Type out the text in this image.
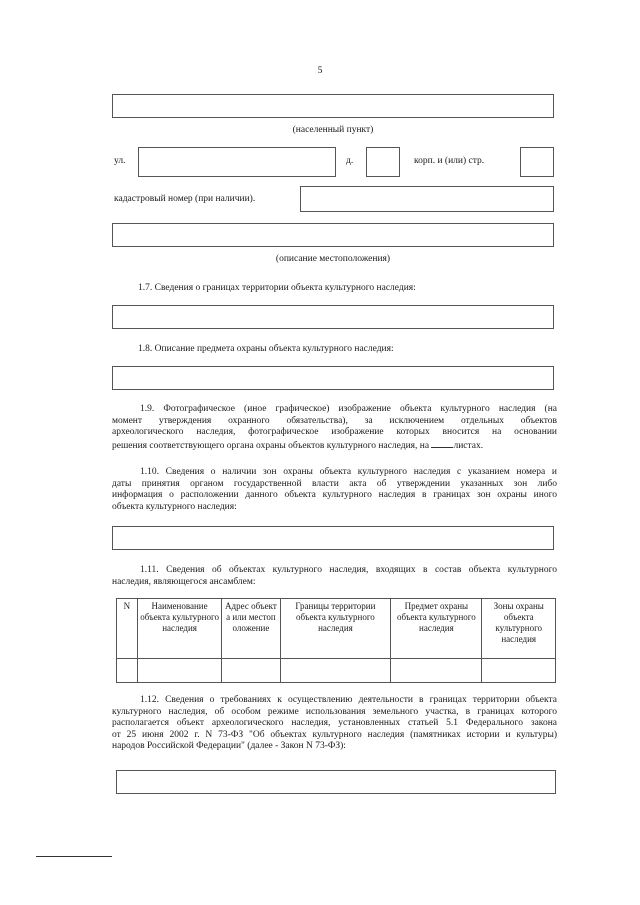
5
(населенный пункт)
ул.	д.	корп. и (или) стр.
кадастровый номер (при наличии).
(описание местоположения)
1.7. Сведения о границах территории объекта культурного наследия:
1.8. Описание предмета охраны объекта культурного наследия:
1.9. Фотографическое (иное графическое) изображение объекта культурного наследия (на
момент утверждения охранного обязательства), за исключением отдельных объектов
археологического наследия, фотографическое изображение которых вносится на основании
решения соответствующего органа охраны объектов культурного наследия, на	листах.
1.10. Сведения о наличии зон охраны объекта культурного наследия с указанием номера и
даты принятия органом государственной власти акта об утверждении указанных зон либо
информация о расположении данного объекта культурного наследия в границах зон охраны иного
объекта культурного наследия:
1.11. Сведения об объектах культурного наследия, входящих в состав объекта культурного
наследия, являющегося ансамблем:
N	Наименование объекта культурного наследия	Адрес объекта или местоположение	Границы территории объекта культурного наследия	Предмет охраны объекта культурного наследия	Зоны охраны объекта культурного наследия

1.12. Сведения о требованиях к осуществлению деятельности в границах территории объекта
культурного наследия, об особом режиме использования земельного участка, в границах которого
располагается объект археологического наследия, установленных статьей 5.1 Федерального закона
от 25 июня 2002 г. N 73-ФЗ "Об объектах культурного наследия (памятниках истории и культуры)
народов Российской Федерации" (далее - Закон N 73-ФЗ):
